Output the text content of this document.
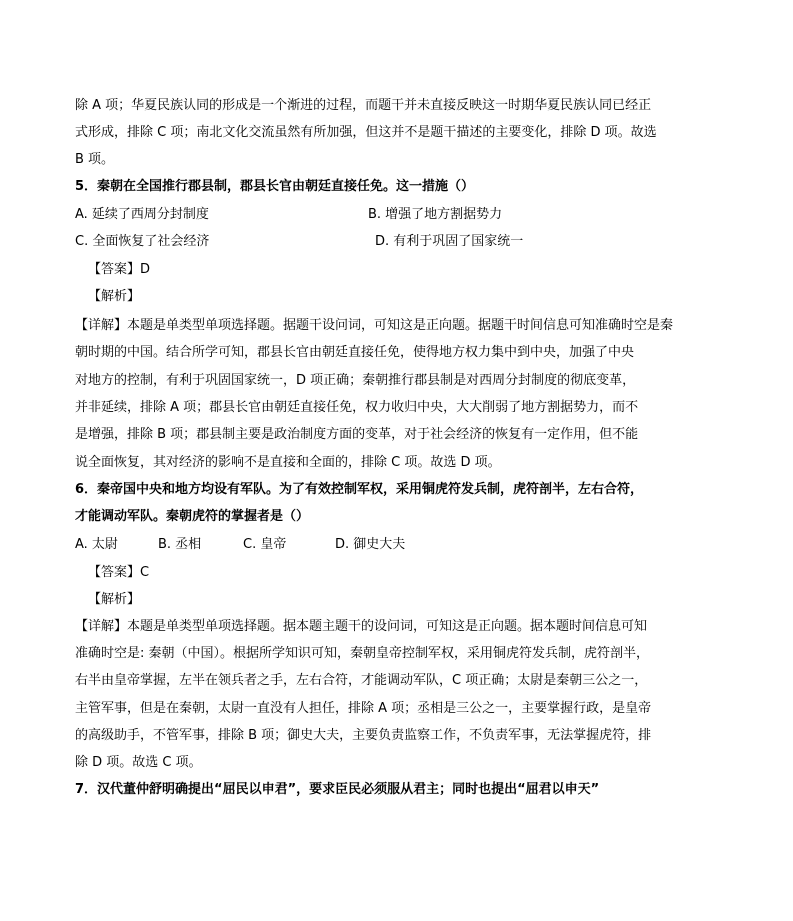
除 A 项；华夏民族认同的形成是一个渐进的过程，而题干并未直接反映这一时期华夏民族认同已经正
式形成，排除 C 项；南北文化交流虽然有所加强，但这并不是题干描述的主要变化，排除 D 项。故选
B 项。
5．秦朝在全国推行郡县制，郡县长官由朝廷直接任免。这一措施（）
A. 延续了西周分封制度	B. 增强了地方割据势力
C. 全面恢复了社会经济	D. 有利于巩固了国家统一
【答案】D
【解析】
【详解】本题是单类型单项选择题。据题干设问词，可知这是正向题。据题干时间信息可知准确时空是秦
朝时期的中国。结合所学可知，郡县长官由朝廷直接任免，使得地方权力集中到中央，加强了中央
对地方的控制，有利于巩固国家统一，D 项正确；秦朝推行郡县制是对西周分封制度的彻底变革，
并非延续，排除 A 项；郡县长官由朝廷直接任免，权力收归中央，大大削弱了地方割据势力，而不
是增强，排除 B 项；郡县制主要是政治制度方面的变革，对于社会经济的恢复有一定作用，但不能
说全面恢复，其对经济的影响不是直接和全面的，排除 C 项。故选 D 项。
6．秦帝国中央和地方均设有军队。为了有效控制军权，采用铜虎符发兵制，虎符剖半，左右合符，
才能调动军队。秦朝虎符的掌握者是（）
A. 太尉	B. 丞相	C. 皇帝	D. 御史大夫
【答案】C
【解析】
【详解】本题是单类型单项选择题。据本题主题干的设问词，可知这是正向题。据本题时间信息可知
准确时空是: 秦朝（中国）。根据所学知识可知，秦朝皇帝控制军权，采用铜虎符发兵制，虎符剖半，
右半由皇帝掌握，左半在领兵者之手，左右合符，才能调动军队，C 项正确；太尉是秦朝三公之一，
主管军事，但是在秦朝，太尉一直没有人担任，排除 A 项；丞相是三公之一，主要掌握行政，是皇帝
的高级助手，不管军事，排除 B 项；御史大夫，主要负责监察工作，不负责军事，无法掌握虎符，排
除 D 项。故选 C 项。
7．汉代董仲舒明确提出“屈民以申君”，要求臣民必须服从君主；同时也提出“屈君以申天”
